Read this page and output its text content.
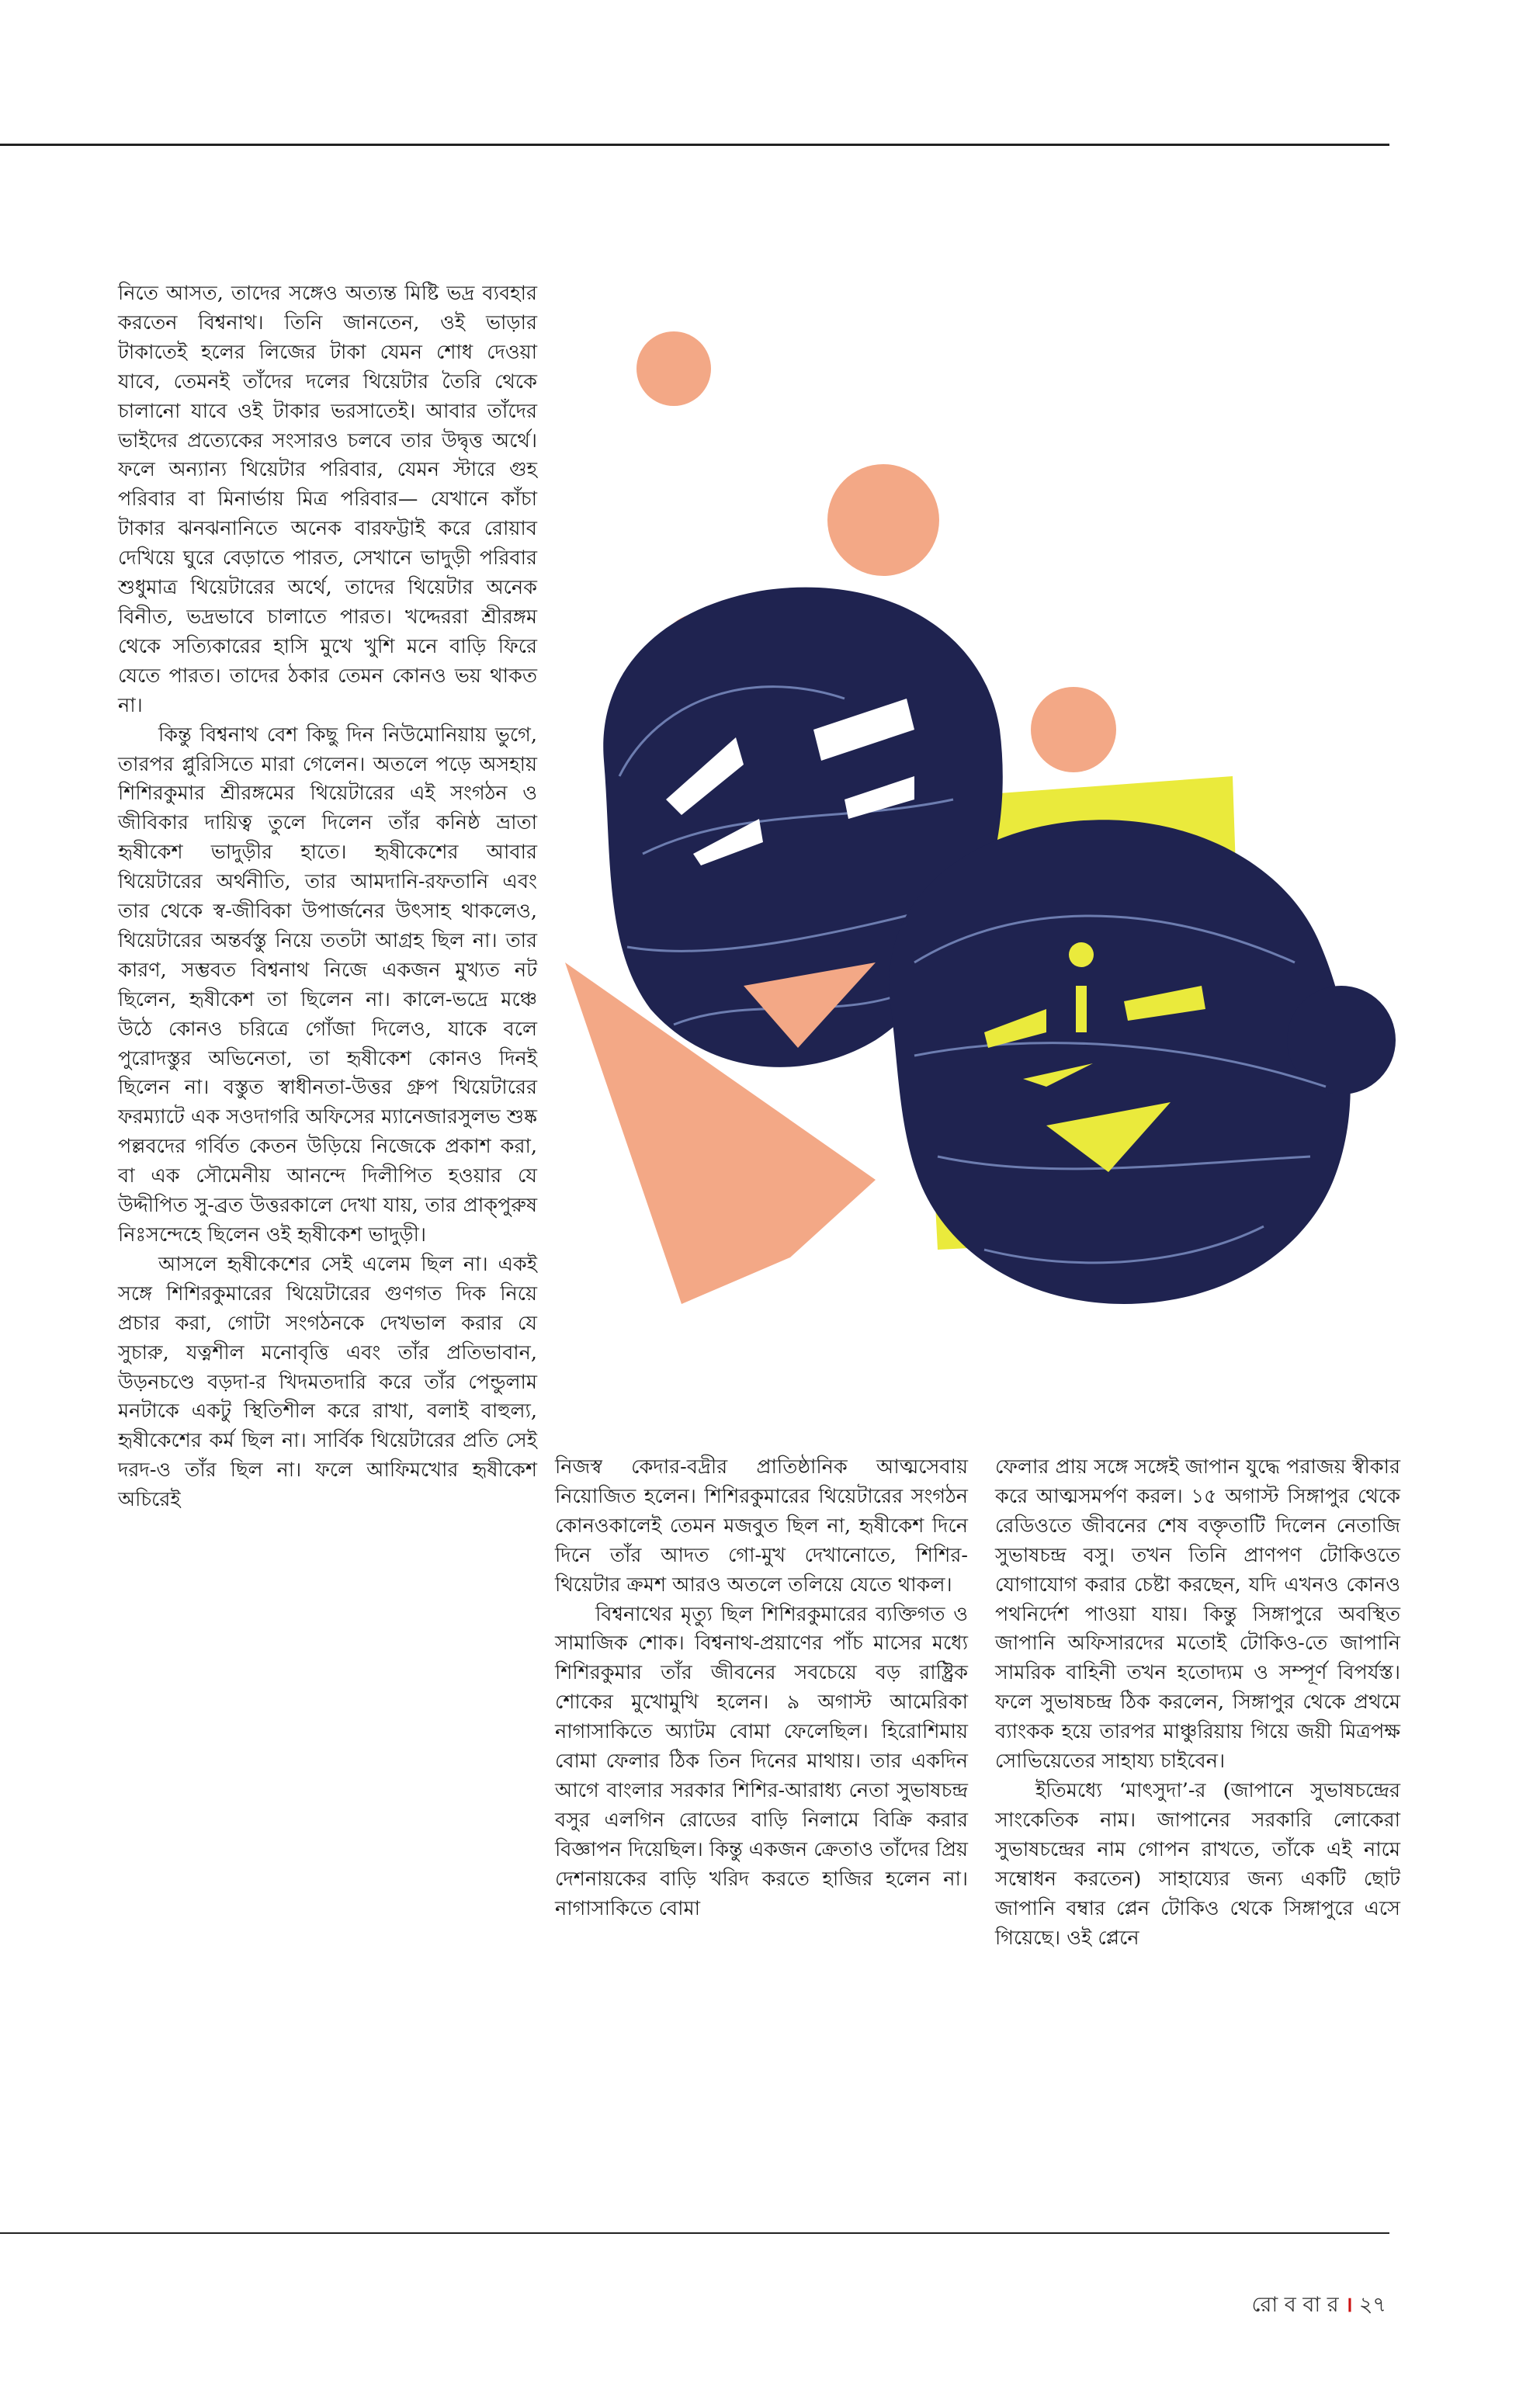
নিতে আসত, তাদের সঙ্গেও অত্যন্ত মিষ্টি ভদ্র ব্যবহার করতেন বিশ্বনাথ। তিনি জানতেন, ওই ভাড়ার টাকাতেই হলের লিজের টাকা যেমন শোধ দেওয়া যাবে, তেমনই তাঁদের দলের থিয়েটার তৈরি থেকে চালানো যাবে ওই টাকার ভরসাতেই। আবার তাঁদের ভাইদের প্রত্যেকের সংসারও চলবে তার উদ্বৃত্ত অর্থে। ফলে অন্যান্য থিয়েটার পরিবার, যেমন স্টারে গুহ পরিবার বা মিনার্ভায় মিত্র পরিবার— যেখানে কাঁচা টাকার ঝনঝনানিতে অনেক বারফট্টাই করে রোয়াব দেখিয়ে ঘুরে বেড়াতে পারত, সেখানে ভাদুড়ী পরিবার শুধুমাত্র থিয়েটারের অর্থে, তাদের থিয়েটার অনেক বিনীত, ভদ্রভাবে চালাতে পারত। খদ্দেররা শ্রীরঙ্গম থেকে সত্যিকারের হাসি মুখে খুশি মনে বাড়ি ফিরে যেতে পারত। তাদের ঠকার তেমন কোনও ভয় থাকত না।

কিন্তু বিশ্বনাথ বেশ কিছু দিন নিউমোনিয়ায় ভুগে, তারপর প্লুরিসিতে মারা গেলেন। অতলে পড়ে অসহায় শিশিরকুমার শ্রীরঙ্গমের থিয়েটারের এই সংগঠন ও জীবিকার দায়িত্ব তুলে দিলেন তাঁর কনিষ্ঠ ভ্রাতা হৃষীকেশ ভাদুড়ীর হাতে। হৃষীকেশের আবার থিয়েটারের অর্থনীতি, তার আমদানি-রফতানি এবং তার থেকে স্ব-জীবিকা উপার্জনের উৎসাহ থাকলেও, থিয়েটারের অন্তর্বস্তু নিয়ে ততটা আগ্রহ ছিল না। তার কারণ, সম্ভবত বিশ্বনাথ নিজে একজন মুখ্যত নট ছিলেন, হৃষীকেশ তা ছিলেন না। কালে-ভদ্রে মঞ্চে উঠে কোনও চরিত্রে গোঁজা দিলেও, যাকে বলে পুরোদস্তুর অভিনেতা, তা হৃষীকেশ কোনও দিনই ছিলেন না। বস্তুত স্বাধীনতা-উত্তর গ্রুপ থিয়েটারের ফরম্যাটে এক সওদাগরি অফিসের ম্যানেজারসুলভ শুষ্ক পল্লবদের গর্বিত কেতন উড়িয়ে নিজেকে প্রকাশ করা, বা এক সৌমেনীয় আনন্দে দিলীপিত হওয়ার যে উদ্দীপিত সু-ব্রত উত্তরকালে দেখা যায়, তার প্রাক্‌পুরুষ নিঃসন্দেহে ছিলেন ওই হৃষীকেশ ভাদুড়ী।

আসলে হৃষীকেশের সেই এলেম ছিল না। একই সঙ্গে শিশিরকুমারের থিয়েটারের গুণগত দিক নিয়ে প্রচার করা, গোটা সংগঠনকে দেখভাল করার যে সুচারু, যত্নশীল মনোবৃত্তি এবং তাঁর প্রতিভাবান, উড়নচণ্ডে বড়দা-র খিদমতদারি করে তাঁর পেন্ডুলাম মনটাকে একটু স্থিতিশীল করে রাখা, বলাই বাহুল্য, হৃষীকেশের কর্ম ছিল না। সার্বিক থিয়েটারের প্রতি সেই দরদ-ও তাঁর ছিল না। ফলে আফিমখোর হৃষীকেশ অচিরেই

নিজস্ব কেদার-বদ্রীর প্রাতিষ্ঠানিক আত্মসেবায় নিয়োজিত হলেন। শিশিরকুমারের থিয়েটারের সংগঠন কোনওকালেই তেমন মজবুত ছিল না, হৃষীকেশ দিনে দিনে তাঁর আদত গো-মুখ দেখানোতে, শিশির-থিয়েটার ক্রমশ আরও অতলে তলিয়ে যেতে থাকল।

বিশ্বনাথের মৃত্যু ছিল শিশিরকুমারের ব্যক্তিগত ও সামাজিক শোক। বিশ্বনাথ-প্রয়াণের পাঁচ মাসের মধ্যে শিশিরকুমার তাঁর জীবনের সবচেয়ে বড় রাষ্ট্রিক শোকের মুখোমুখি হলেন। ৯ অগাস্ট আমেরিকা নাগাসাকিতে অ্যাটম বোমা ফেলেছিল। হিরোশিমায় বোমা ফেলার ঠিক তিন দিনের মাথায়। তার একদিন আগে বাংলার সরকার শিশির-আরাধ্য নেতা সুভাষচন্দ্র বসুর এলগিন রোডের বাড়ি নিলামে বিক্রি করার বিজ্ঞাপন দিয়েছিল। কিন্তু একজন ক্রেতাও তাঁদের প্রিয় দেশনায়কের বাড়ি খরিদ করতে হাজির হলেন না। নাগাসাকিতে বোমা

ফেলার প্রায় সঙ্গে সঙ্গেই জাপান যুদ্ধে পরাজয় স্বীকার করে আত্মসমর্পণ করল। ১৫ অগাস্ট সিঙ্গাপুর থেকে রেডিওতে জীবনের শেষ বক্তৃতাটি দিলেন নেতাজি সুভাষচন্দ্র বসু। তখন তিনি প্রাণপণ টোকিওতে যোগাযোগ করার চেষ্টা করছেন, যদি এখনও কোনও পথনির্দেশ পাওয়া যায়। কিন্তু সিঙ্গাপুরে অবস্থিত জাপানি অফিসারদের মতোই টোকিও-তে জাপানি সামরিক বাহিনী তখন হতোদ্যম ও সম্পূর্ণ বিপর্যস্ত। ফলে সুভাষচন্দ্র ঠিক করলেন, সিঙ্গাপুর থেকে প্রথমে ব্যাংকক হয়ে তারপর মাঞ্চুরিয়ায় গিয়ে জয়ী মিত্রপক্ষ সোভিয়েতের সাহায্য চাইবেন।

ইতিমধ্যে ‘মাৎসুদা’-র (জাপানে সুভাষচন্দ্রের সাংকেতিক নাম। জাপানের সরকারি লোকেরা সুভাষচন্দ্রের নাম গোপন রাখতে, তাঁকে এই নামে সম্বোধন করতেন) সাহায্যের জন্য একটি ছোট জাপানি বম্বার প্লেন টোকিও থেকে সিঙ্গাপুরে এসে গিয়েছে। ওই প্লেনে

রো ব বা র । ২৭
